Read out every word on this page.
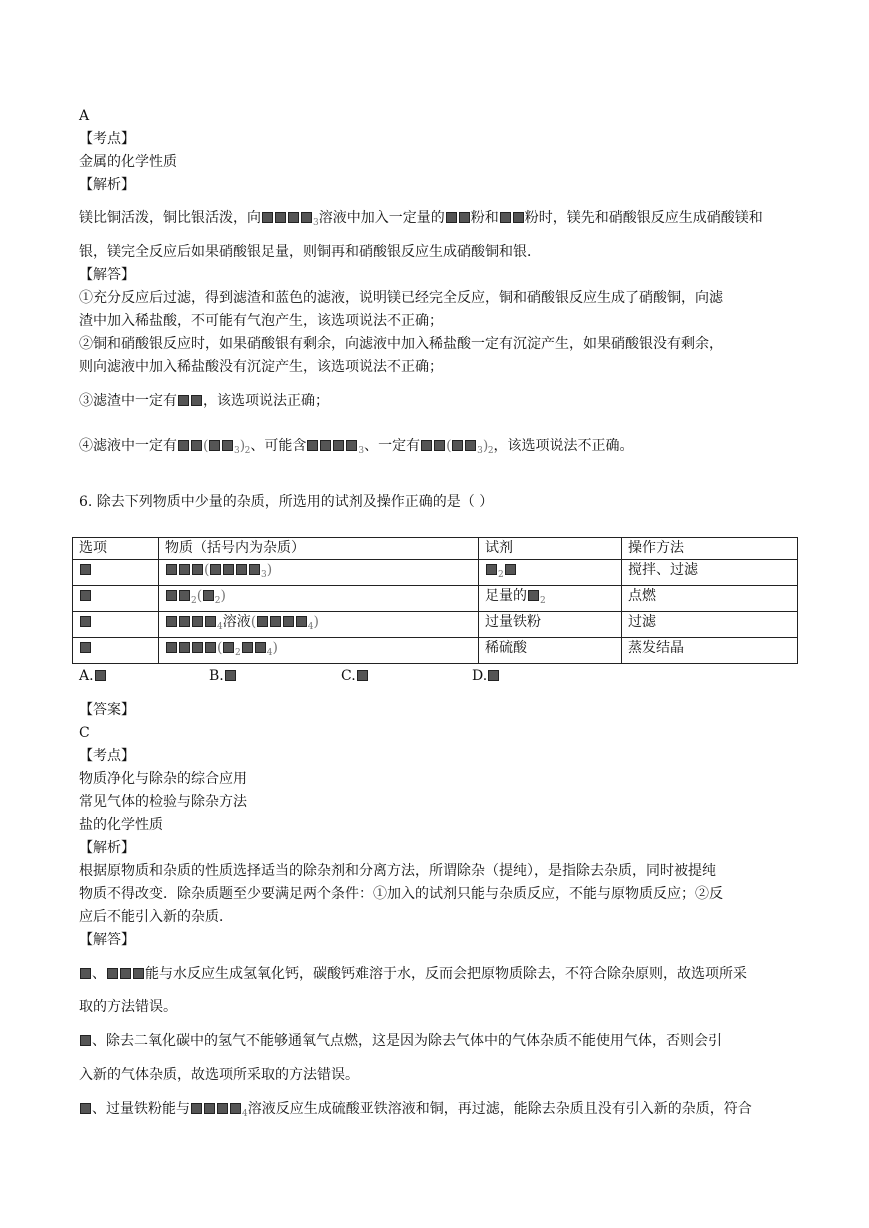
A
【考点】
金属的化学性质
【解析】
镁比铜活泼，铜比银活泼，向	$_3$溶液中加入一定量的 粉和 粉时，镁先和硝酸银反应生成硝酸镁和
银，镁完全反应后如果硝酸银足量，则铜再和硝酸银反应生成硝酸铜和银．
【解答】
①充分反应后过滤，得到滤渣和蓝色的滤液，说明镁已经完全反应，铜和硝酸银反应生成了硝酸铜，向滤
渣中加入稀盐酸，不可能有气泡产生，该选项说法不正确；
②铜和硝酸银反应时，如果硝酸银有剩余，向滤液中加入稀盐酸一定有沉淀产生，如果硝酸银没有剩余，
则向滤液中加入稀盐酸没有沉淀产生，该选项说法不正确；
③滤渣中一定有 ，该选项说法正确；
④滤液中一定有 (	$_3)_2$、可能含	$_3$、一定有 (	$_3)_2$，该选项说法不正确。
6. 除去下列物质中少量的杂质，所选用的试剂及操作正确的是（ ）
选项	物质（括号内为杂质）	试剂	操作方法
	( $_3$)	$_2$	搅拌、过滤
	$_2$( $_2$)	足量的 $_2$	点燃
	$_4$溶液( $_4$)	过量铁粉	过滤
	( $_2$ $_4$)	稀硫酸	蒸发结晶
A.	B.	C.	D.
【答案】
C
【考点】
物质净化与除杂的综合应用
常见气体的检验与除杂方法
盐的化学性质
【解析】
根据原物质和杂质的性质选择适当的除杂剂和分离方法，所谓除杂（提纯），是指除去杂质，同时被提纯
物质不得改变．除杂质题至少要满足两个条件：①加入的试剂只能与杂质反应，不能与原物质反应；②反
应后不能引入新的杂质．
【解答】
、	能与水反应生成氢氧化钙，碳酸钙难溶于水，反而会把原物质除去，不符合除杂原则，故选项所采
取的方法错误。
、除去二氧化碳中的氢气不能够通氧气点燃，这是因为除去气体中的气体杂质不能使用气体，否则会引
入新的气体杂质，故选项所采取的方法错误。
、过量铁粉能与	$_4$溶液反应生成硫酸亚铁溶液和铜，再过滤，能除去杂质且没有引入新的杂质，符合
